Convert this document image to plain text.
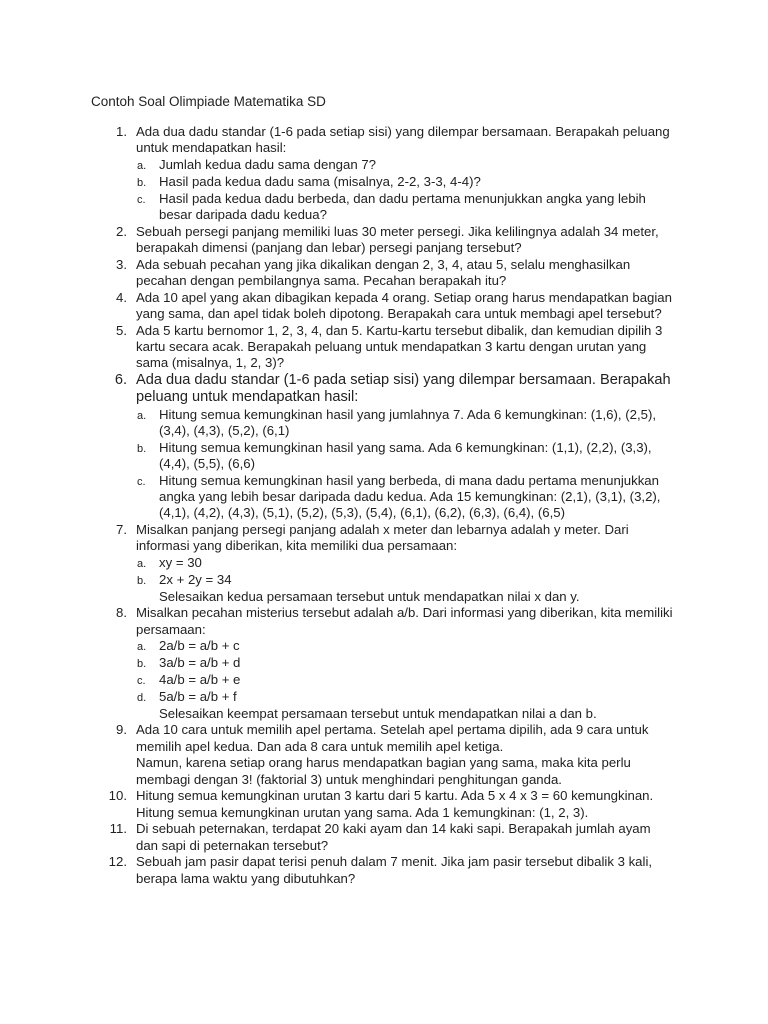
Contoh Soal Olimpiade Matematika SD
1. Ada dua dadu standar (1-6 pada setiap sisi) yang dilempar bersamaan. Berapakah peluang untuk mendapatkan hasil:
a. Jumlah kedua dadu sama dengan 7?
b. Hasil pada kedua dadu sama (misalnya, 2-2, 3-3, 4-4)?
c. Hasil pada kedua dadu berbeda, dan dadu pertama menunjukkan angka yang lebih besar daripada dadu kedua?
2. Sebuah persegi panjang memiliki luas 30 meter persegi. Jika kelilingnya adalah 34 meter, berapakah dimensi (panjang dan lebar) persegi panjang tersebut?
3. Ada sebuah pecahan yang jika dikalikan dengan 2, 3, 4, atau 5, selalu menghasilkan pecahan dengan pembilangnya sama. Pecahan berapakah itu?
4. Ada 10 apel yang akan dibagikan kepada 4 orang. Setiap orang harus mendapatkan bagian yang sama, dan apel tidak boleh dipotong. Berapakah cara untuk membagi apel tersebut?
5. Ada 5 kartu bernomor 1, 2, 3, 4, dan 5. Kartu-kartu tersebut dibalik, dan kemudian dipilih 3 kartu secara acak. Berapakah peluang untuk mendapatkan 3 kartu dengan urutan yang sama (misalnya, 1, 2, 3)?
6. Ada dua dadu standar (1-6 pada setiap sisi) yang dilempar bersamaan. Berapakah peluang untuk mendapatkan hasil:
a. Hitung semua kemungkinan hasil yang jumlahnya 7. Ada 6 kemungkinan: (1,6), (2,5), (3,4), (4,3), (5,2), (6,1)
b. Hitung semua kemungkinan hasil yang sama. Ada 6 kemungkinan: (1,1), (2,2), (3,3), (4,4), (5,5), (6,6)
c. Hitung semua kemungkinan hasil yang berbeda, di mana dadu pertama menunjukkan angka yang lebih besar daripada dadu kedua. Ada 15 kemungkinan: (2,1), (3,1), (3,2), (4,1), (4,2), (4,3), (5,1), (5,2), (5,3), (5,4), (6,1), (6,2), (6,3), (6,4), (6,5)
7. Misalkan panjang persegi panjang adalah x meter dan lebarnya adalah y meter. Dari informasi yang diberikan, kita memiliki dua persamaan:
a. xy = 30
b. 2x + 2y = 34
Selesaikan kedua persamaan tersebut untuk mendapatkan nilai x dan y.
8. Misalkan pecahan misterius tersebut adalah a/b. Dari informasi yang diberikan, kita memiliki persamaan:
a. 2a/b = a/b + c
b. 3a/b = a/b + d
c. 4a/b = a/b + e
d. 5a/b = a/b + f
Selesaikan keempat persamaan tersebut untuk mendapatkan nilai a dan b.
9. Ada 10 cara untuk memilih apel pertama. Setelah apel pertama dipilih, ada 9 cara untuk memilih apel kedua. Dan ada 8 cara untuk memilih apel ketiga.
Namun, karena setiap orang harus mendapatkan bagian yang sama, maka kita perlu membagi dengan 3! (faktorial 3) untuk menghindari penghitungan ganda.
10. Hitung semua kemungkinan urutan 3 kartu dari 5 kartu. Ada 5 x 4 x 3 = 60 kemungkinan. Hitung semua kemungkinan urutan yang sama. Ada 1 kemungkinan: (1, 2, 3).
11. Di sebuah peternakan, terdapat 20 kaki ayam dan 14 kaki sapi. Berapakah jumlah ayam dan sapi di peternakan tersebut?
12. Sebuah jam pasir dapat terisi penuh dalam 7 menit. Jika jam pasir tersebut dibalik 3 kali, berapa lama waktu yang dibutuhkan?
